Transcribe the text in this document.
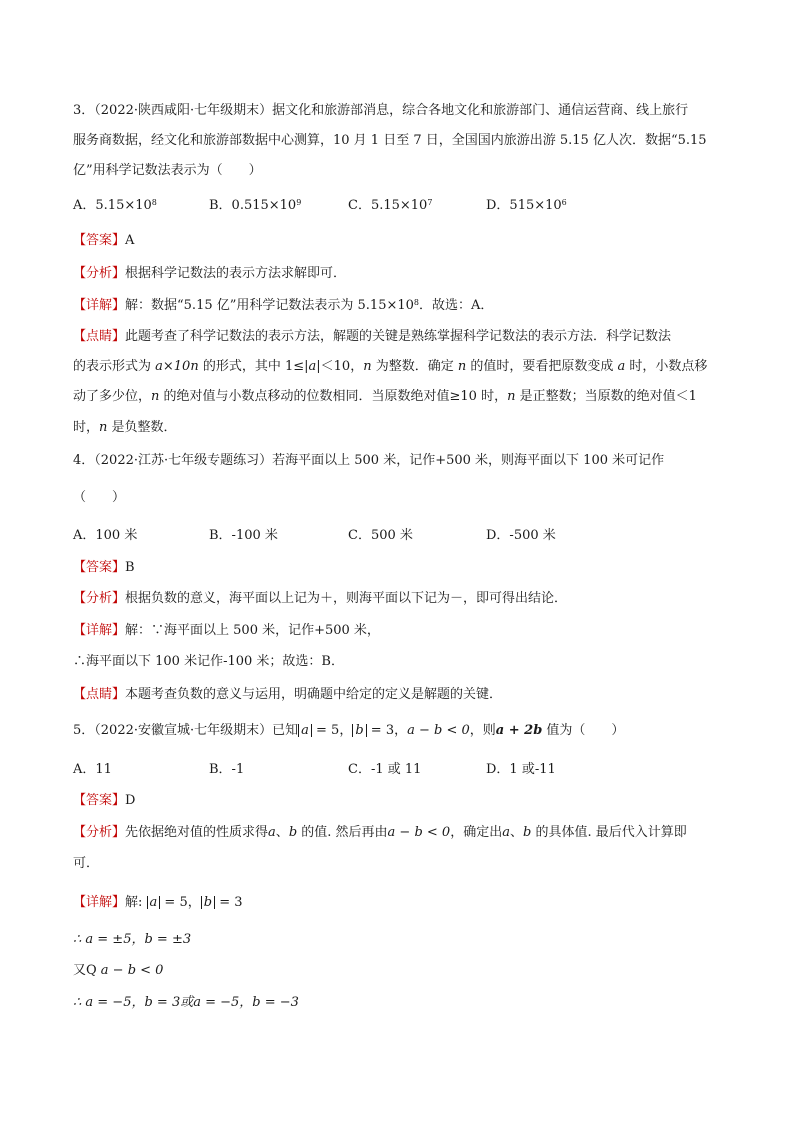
3．（2022·陕西咸阳·七年级期末）据文化和旅游部消息，综合各地文化和旅游部门、通信运营商、线上旅行
服务商数据，经文化和旅游部数据中心测算，10 月 1 日至 7 日，全国国内旅游出游 5.15 亿人次．数据“5.15
亿”用科学记数法表示为（　　）
A．$5.15\times 10^8$	B．$0.515\times 10^9$	C．$5.15\times 10^7$	D．$515\times 10^6$
【答案】A
【分析】根据科学记数法的表示方法求解即可．
【详解】解：数据“5.15 亿”用科学记数法表示为 $5.15\times 10^8$．故选：A．
【点睛】此题考查了科学记数法的表示方法，解题的关键是熟练掌握科学记数法的表示方法．科学记数法
的表示形式为 a×10n 的形式，其中 1≤|a|＜10，n 为整数．确定 n 的值时，要看把原数变成 a 时，小数点移
动了多少位，n 的绝对值与小数点移动的位数相同．当原数绝对值≥10 时，n 是正整数；当原数的绝对值＜1
时，n 是负整数．
4．（2022·江苏·七年级专题练习）若海平面以上 500 米，记作+500 米，则海平面以下 100 米可记作
（　　）
A．100 米	B．-100 米	C．500 米	D．-500 米
【答案】B
【分析】根据负数的意义，海平面以上记为＋，则海平面以下记为－，即可得出结论．
【详解】解：∵海平面以上 500 米，记作+500 米，
∴海平面以下 100 米记作-100 米；故选：B．
【点睛】本题考查负数的意义与运用，明确题中给定的定义是解题的关键．
5．（2022·安徽宣城·七年级期末）已知 a = 5， b = 3，a − b < 0，则a + 2b 值为（　　）
A．11	B．-1	C．-1 或 11	D．1 或-11
【答案】D
【分析】先依据绝对值的性质求得a、b 的值. 然后再由a − b < 0，确定出a、b 的具体值. 最后代入计算即
可．
【详解】解: a = 5， b = 3
∴ a = ±5，b = ±3
又Q a − b < 0
∴ a = −5，b = 3或a = −5，b = −3
